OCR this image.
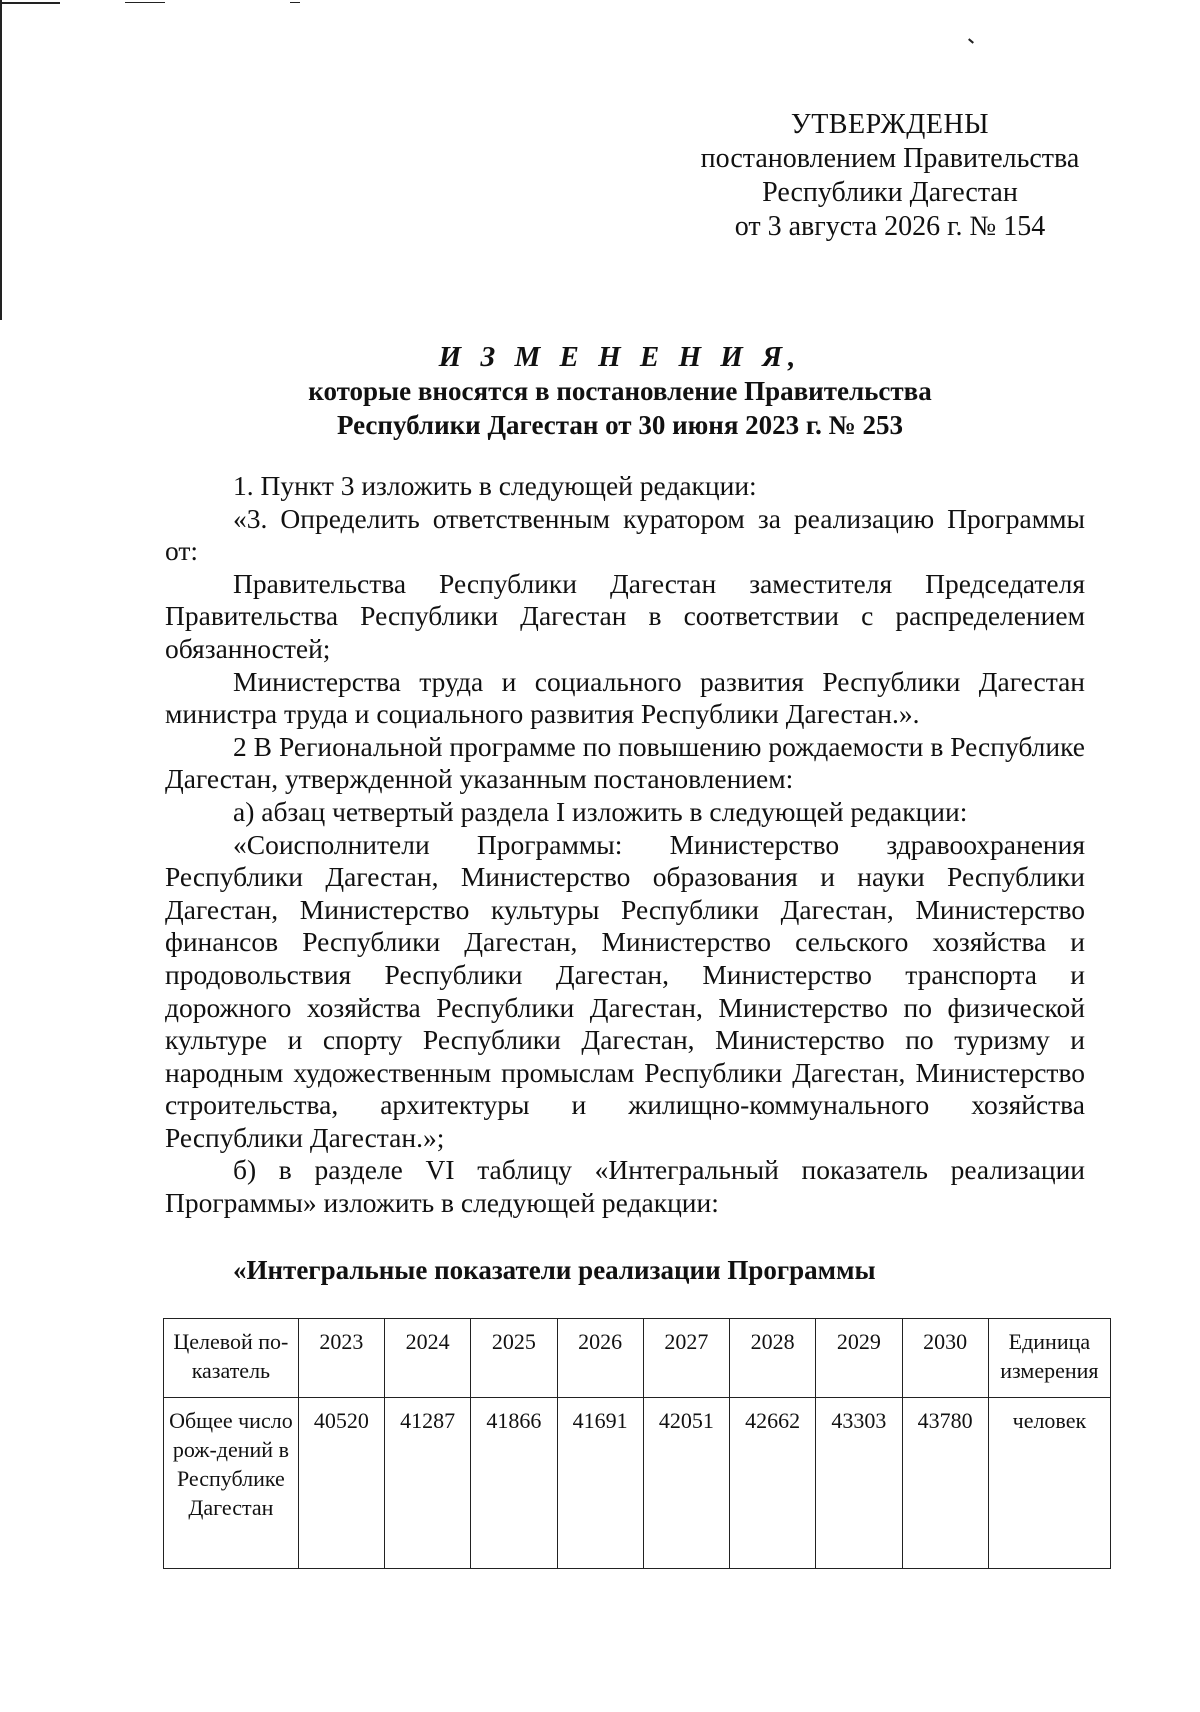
УТВЕРЖДЕНЫ
постановлением Правительства
Республики Дагестан
от 3 августа 2026 г. № 154
И З М Е Н Е Н И Я,
которые вносятся в постановление Правительства
Республики Дагестан от 30 июня 2023 г. № 253

1. Пункт 3 изложить в следующей редакции:

«3. Определить ответственным куратором за реализацию Программы от:

Правительства Республики Дагестан заместителя Председателя Правительства Республики Дагестан в соответствии с распределением обязанностей;

Министерства труда и социального развития Республики Дагестан министра труда и социального развития Республики Дагестан.».

2 В Региональной программе по повышению рождаемости в Республике Дагестан, утвержденной указанным постановлением:

а) абзац четвертый раздела I изложить в следующей редакции:

«Соисполнители Программы: Министерство здравоохранения Республики Дагестан, Министерство образования и науки Республики Дагестан, Министерство культуры Республики Дагестан, Министерство финансов Республики Дагестан, Министерство сельского хозяйства и продовольствия Республики Дагестан, Министерство транспорта и дорожного хозяйства Республики Дагестан, Министерство по физической культуре и спорту Республики Дагестан, Министерство по туризму и народным художественным промыслам Республики Дагестан, Министерство строительства, архитектуры и жилищно-коммунального хозяйства Республики Дагестан.»;

б) в разделе VI таблицу «Интегральный показатель реализации Программы» изложить в следующей редакции:

«Интегральные показатели реализации Программы
Целевой по-казатель	2023	2024	2025	2026	2027	2028	2029	2030	Единица измерения
Общее число рож-дений в Республике Дагестан	40520	41287	41866	41691	42051	42662	43303	43780	человек
